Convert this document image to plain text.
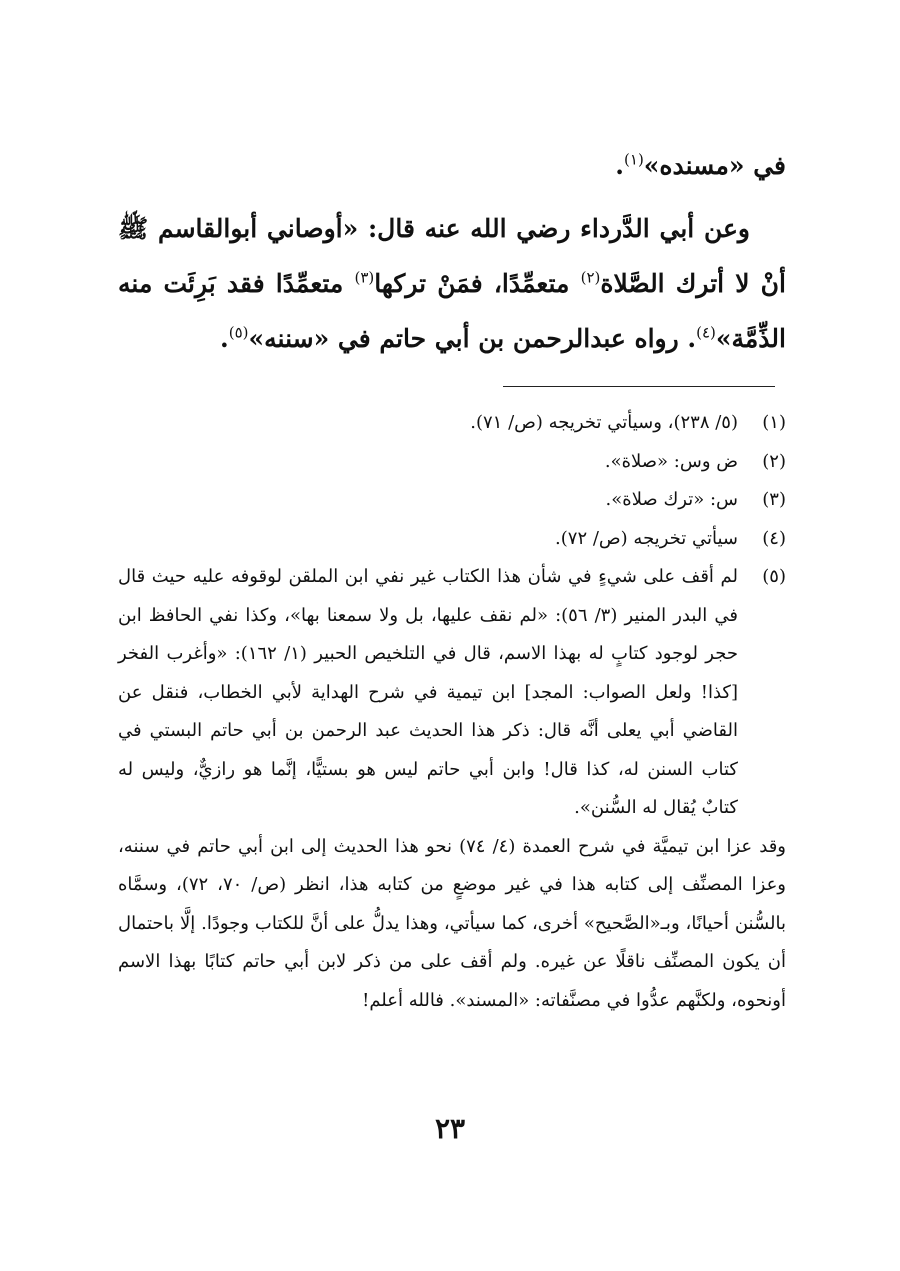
في «مسنده»$^{(١)}$.

وعن أبي الدَّرداء رضي الله عنه قال: «أوصاني أبوالقاسم ﷺ أنْ لا أترك الصَّلاة$^{(٢)}$ متعمِّدًا، فمَنْ تركها$^{(٣)}$ متعمِّدًا فقد بَرِئَت منه الذِّمَّة»$^{(٤)}$. رواه عبدالرحمن بن أبي حاتم في «سننه»$^{(٥)}$.

(١)
(٥/ ٢٣٨)، وسيأتي تخريجه (ص/ ٧١).
(٢)
ض وس: «صلاة».
(٣)
س: «ترك صلاة».
(٤)
سيأتي تخريجه (ص/ ٧٢).
(٥)
لم أقف على شيءٍ في شأن هذا الكتاب غير نفي ابن الملقن لوقوفه عليه حيث قال في البدر المنير (٣/ ٥٦): «لم نقف عليها، بل ولا سمعنا بها»، وكذا نفي الحافظ ابن حجر لوجود كتابٍ له بهذا الاسم، قال في التلخيص الحبير (١/ ١٦٢): «وأغرب الفخر [كذا! ولعل الصواب: المجد] ابن تيمية في شرح الهداية لأبي الخطاب، فنقل عن القاضي أبي يعلى أنَّه قال: ذكر هذا الحديث عبد الرحمن بن أبي حاتم البستي في كتاب السنن له، كذا قال! وابن أبي حاتم ليس هو بستيًّا، إنَّما هو رازيٌّ، وليس له كتابٌ يُقال له السُّنن».

وقد عزا ابن تيميَّة في شرح العمدة (٤/ ٧٤) نحو هذا الحديث إلى ابن أبي حاتم في سننه، وعزا المصنِّف إلى كتابه هذا في غير موضعٍ من كتابه هذا، انظر (ص/ ٧٠، ٧٢)، وسمَّاه بالسُّنن أحيانًا، وبـ«الصَّحيح» أخرى، كما سيأتي، وهذا يدلُّ على أنَّ للكتاب وجودًا. إلَّا باحتمال أن يكون المصنِّف ناقلًا عن غيره. ولم أقف على من ذكر لابن أبي حاتم كتابًا بهذا الاسم أونحوه، ولكنَّهم عدُّوا في مصنَّفاته: «المسند». فالله أعلم!

٢٣
